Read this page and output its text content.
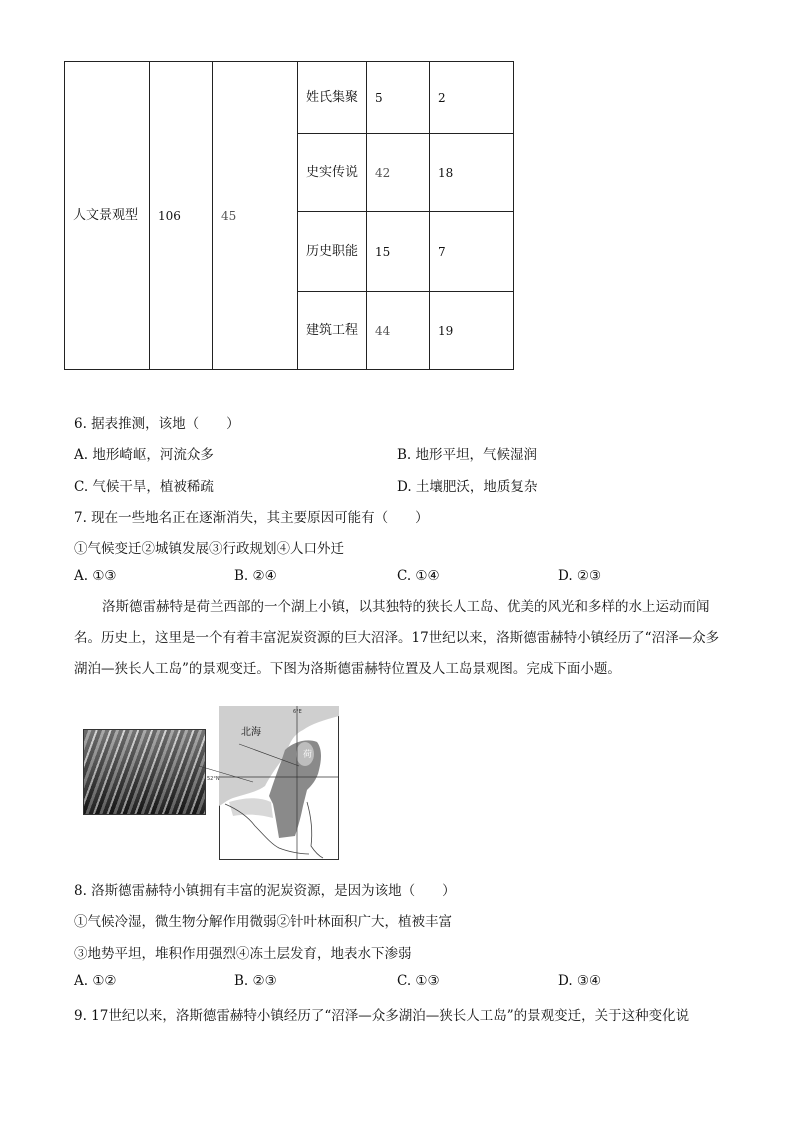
人文景观型	106	45	姓氏集聚	5	2
			史实传说	42	18
			历史职能	15	7
			建筑工程	44	19
6. 据表推测，该地（　　）
A. 地形崎岖，河流众多	B. 地形平坦，气候湿润
C. 气候干旱，植被稀疏	D. 土壤肥沃，地质复杂
7. 现在一些地名正在逐渐消失，其主要原因可能有（　　）
①气候变迁②城镇发展③行政规划④人口外迁
A. ①③	B. ②④	C. ①④	D. ②③
洛斯德雷赫特是荷兰西部的一个湖上小镇，以其独特的狭长人工岛、优美的风光和多样的水上运动而闻名。历史上，这里是一个有着丰富泥炭资源的巨大沼泽。17世纪以来，洛斯德雷赫特小镇经历了“沼泽—众多湖泊—狭长人工岛”的景观变迁。下图为洛斯德雷赫特位置及人工岛景观图。完成下面小题。
北海
6°E
52°N
荷
8. 洛斯德雷赫特小镇拥有丰富的泥炭资源，是因为该地（　　）
①气候冷湿，微生物分解作用微弱②针叶林面积广大，植被丰富
③地势平坦，堆积作用强烈④冻土层发育，地表水下渗弱
A. ①②	B. ②③	C. ①③	D. ③④
9. 17世纪以来，洛斯德雷赫特小镇经历了“沼泽—众多湖泊—狭长人工岛”的景观变迁，关于这种变化说
